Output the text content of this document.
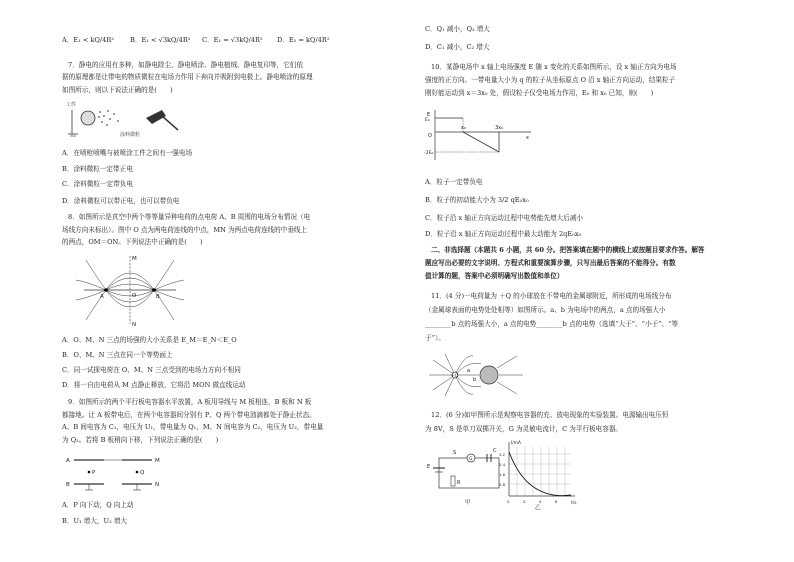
A．E₁ < kQ/4R² B．E₁ < √3kQ/4R² C．E₁ = √3kQ/4R² D．E₁ = kQ/4R²
7．静电的应用有多种，如静电除尘、静电喷涂、静电植绒、静电复印等，它们依
据的原理都是让带电的物质微粒在电场力作用下奔向并吸附到电极上。静电喷涂的原理
如图所示，则以下说法正确的是(　　)
工件
涂料微粒
A．在喷枪喷嘴与被喷涂工件之间有一强电场
B．涂料微粒一定带正电
C．涂料微粒一定带负电
D．涂料微粒可以带正电，也可以带负电
8．如图所示是真空中两个等等量异种电荷的点电荷 A、B 周围的电场分布情况（电
场线方向未标出）。图中 O 点为两电荷连线的中点，MN 为两点电荷连线的中垂线上
的两点，OM＝ON。下列说法中正确的是(　　)
M
N
O
A	B
A．O、M、N 三点的场强的大小关系是 E_M＝E_N＜E_O
B．O、M、N 三点在同一个等势面上
C．同一试探电荷在 O、M、N 三点受到的电场力方向不相同
D．将一自由电荷从 M 点静止释放，它将沿 MON 做直线运动
9．如图所示的两个平行板电容器水平放置，A 板用导线与 M 板相连，B 板和 N 板
都接地。让 A 板带电后，在两个电容器间分别有 P、Q 两个带电油滴都处于静止状态。
A、B 间电容为 C₁，电压为 U₁，带电量为 Q₁，M、N 间电容为 C₂，电压为 U₂，带电量
为 Q₂。若将 B 板稍向下移，下列说法正确的是(　　)
A
B
M
N
P	Q
A．P 向下动，Q 向上动
B．U₁ 增大，U₂ 增大
C．Q₁ 减小，Q₂ 增大
D．C₁ 减小，C₂ 增大
10．某静电场中 x 轴上电场强度 E 随 x 变化的关系如图所示，设 x 轴正方向为电场
强度的正方向。一带电量大小为 q 的粒子从坐标原点 O 沿 x 轴正方向运动，结果粒子
刚好能运动到 x＝3x₀ 处，假设粒子仅受电场力作用，E₀ 和 x₀ 已知，则(　　)
E
O
x₀	3x₀
x
E₀
-2E₀
A．粒子一定带负电
B．粒子的初动能大小为 3/2 qE₀x₀
C．粒子沿 x 轴正方向运动过程中电势能先增大后减小
D．粒子沿 x 轴正方向运动过程中最大动能为 2qE₀x₀
二、非选择题（本题共 6 小题，共 60 分。把答案填在题中的横线上或按题目要求作答。解答
题应写出必要的文字说明、方程式和重要演算步骤，只写出最后答案的不能得分。有数
值计算的题，答案中必须明确写出数值和单位）
11．(4 分)一电荷量为 ＋Q 的小球放在不带电的金属球附近，所形成的电场线分布
（金属球表面的电势处处相等）如图所示。a、b 为电场中的两点，a 点的场强大小
________b 点的场强大小，a 点的电势________b 点的电势（选填“大于”、“小于”、“等
于”）。
+Q
a
b
12．(6 分)如甲图所示是观察电容器的充、放电现象的实验装置。电源输出电压恒
为 8V，S 是单刀双掷开关，G 为灵敏电流计，C 为平行板电容器。
G
S	C
E
R
甲
I/mA
t/s
3.2
2.4
1.6
0.8
0	2	4	6
乙
